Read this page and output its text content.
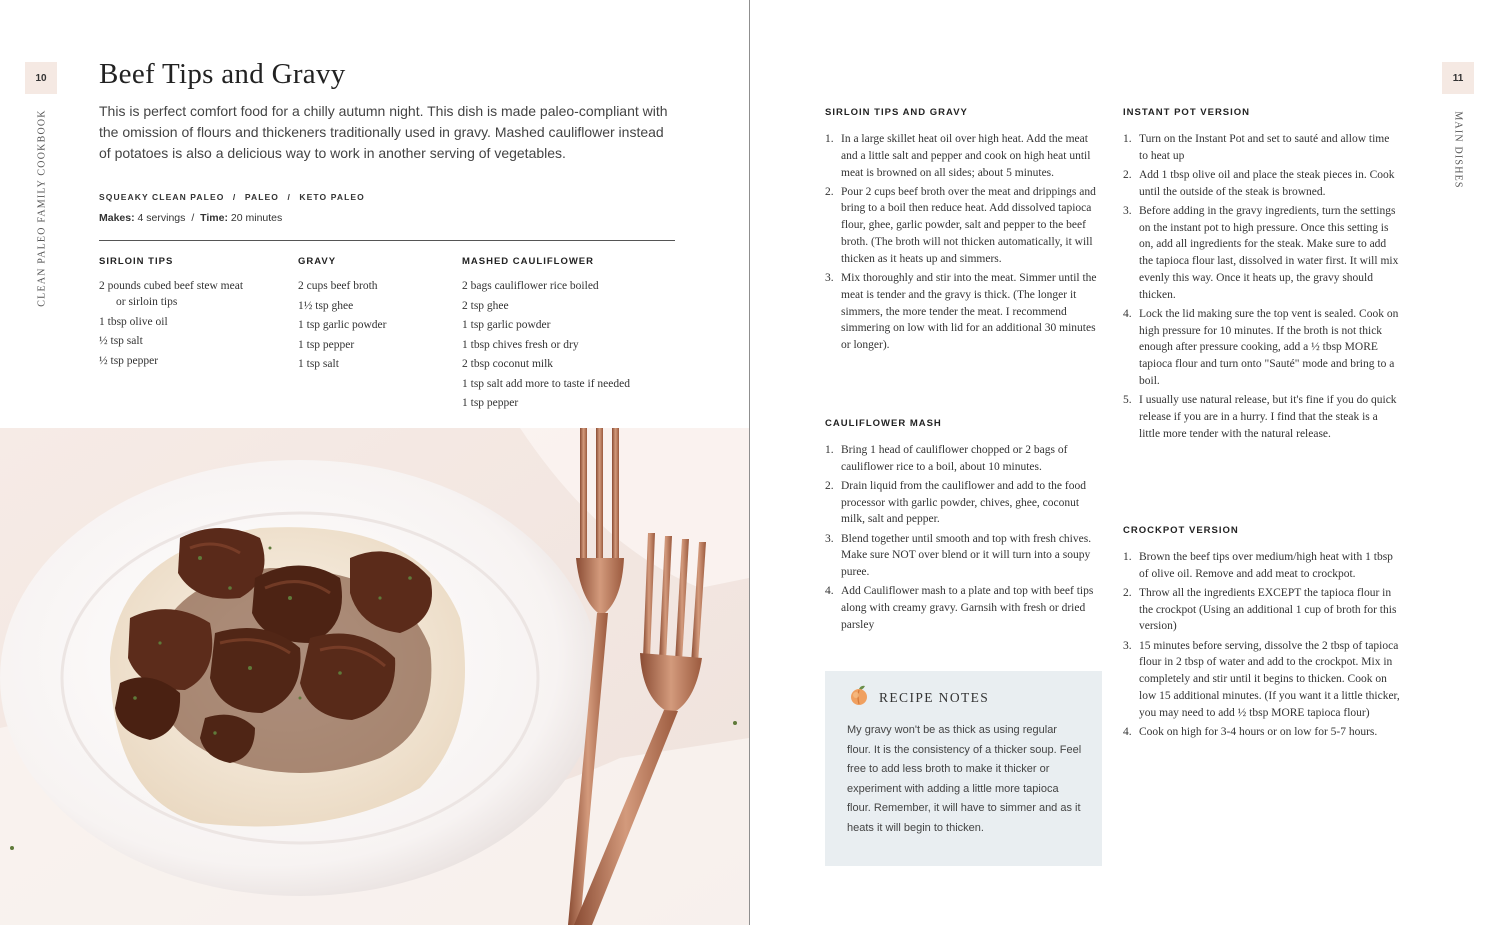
10
CLEAN PALEO FAMILY COOKBOOK
Beef Tips and Gravy

This is perfect comfort food for a chilly autumn night. This dish is made paleo-compliant with the omission of flours and thickeners traditionally used in gravy. Mashed cauliflower instead of potatoes is also a delicious way to work in another serving of vegetables.

SQUEAKY CLEAN PALEO / PALEO / KETO PALEO
Makes: 4 servings / Time: 20 minutes
SIRLOIN TIPS
2 pounds cubed beef stew meat or sirloin tips
1 tbsp olive oil
½ tsp salt
½ tsp pepper
GRAVY
2 cups beef broth
1½ tsp ghee
1 tsp garlic powder
1 tsp pepper
1 tsp salt
MASHED CAULIFLOWER
2 bags cauliflower rice boiled
2 tsp ghee
1 tsp garlic powder
1 tbsp chives fresh or dry
2 tbsp coconut milk
1 tsp salt add more to taste if needed
1 tsp pepper
11
MAIN DISHES
SIRLOIN TIPS AND GRAVY
1. In a large skillet heat oil over high heat. Add the meat and a little salt and pepper and cook on high heat until meat is browned on all sides; about 5 minutes.
2. Pour 2 cups beef broth over the meat and drippings and bring to a boil then reduce heat. Add dissolved tapioca flour, ghee, garlic powder, salt and pepper to the beef broth. (The broth will not thicken automatically, it will thicken as it heats up and simmers.
3. Mix thoroughly and stir into the meat. Simmer until the meat is tender and the gravy is thick. (The longer it simmers, the more tender the meat. I recommend simmering on low with lid for an additional 30 minutes or longer).
CAULIFLOWER MASH
1. Bring 1 head of cauliflower chopped or 2 bags of cauliflower rice to a boil, about 10 minutes.
2. Drain liquid from the cauliflower and add to the food processor with garlic powder, chives, ghee, coconut milk, salt and pepper.
3. Blend together until smooth and top with fresh chives. Make sure NOT over blend or it will turn into a soupy puree.
4. Add Cauliflower mash to a plate and top with beef tips along with creamy gravy. Garnsih with fresh or dried parsley
RECIPE NOTES

My gravy won't be as thick as using regular flour. It is the consistency of a thicker soup. Feel free to add less broth to make it thicker or experiment with adding a little more tapioca flour. Remember, it will have to simmer and as it heats it will begin to thicken.

INSTANT POT VERSION
1. Turn on the Instant Pot and set to sauté and allow time to heat up
2. Add 1 tbsp olive oil and place the steak pieces in. Cook until the outside of the steak is browned.
3. Before adding in the gravy ingredients, turn the settings on the instant pot to high pressure. Once this setting is on, add all ingredients for the steak. Make sure to add the tapioca flour last, dissolved in water first. It will mix evenly this way. Once it heats up, the gravy should thicken.
4. Lock the lid making sure the top vent is sealed. Cook on high pressure for 10 minutes. If the broth is not thick enough after pressure cooking, add a ½ tbsp MORE tapioca flour and turn onto "Sauté" mode and bring to a boil.
5. I usually use natural release, but it's fine if you do quick release if you are in a hurry. I find that the steak is a little more tender with the natural release.
CROCKPOT VERSION
1. Brown the beef tips over medium/high heat with 1 tbsp of olive oil. Remove and add meat to crockpot.
2. Throw all the ingredients EXCEPT the tapioca flour in the crockpot (Using an additional 1 cup of broth for this version)
3. 15 minutes before serving, dissolve the 2 tbsp of tapioca flour in 2 tbsp of water and add to the crockpot. Mix in completely and stir until it begins to thicken. Cook on low 15 additional minutes. (If you want it a little thicker, you may need to add ½ tbsp MORE tapioca flour)
4. Cook on high for 3-4 hours or on low for 5-7 hours.
